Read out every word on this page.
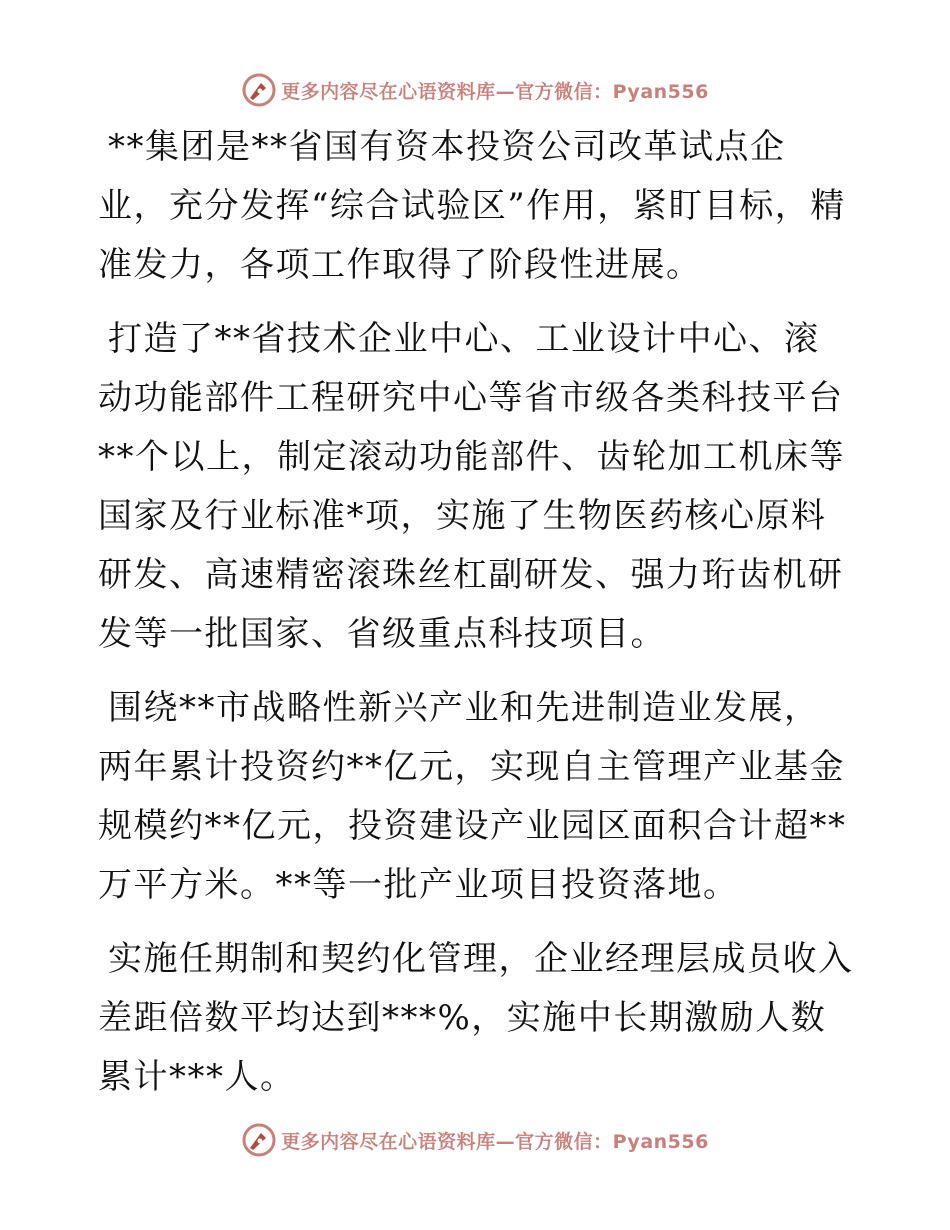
更多内容尽在心语资料库—官方微信：Pyan556

**集团是**省国有资本投资公司改革试点企业，充分发挥“综合试验区”作用，紧盯目标，精准发力，各项工作取得了阶段性进展。

打造了**省技术企业中心、工业设计中心、滚动功能部件工程研究中心等省市级各类科技平台**个以上，制定滚动功能部件、齿轮加工机床等国家及行业标准*项，实施了生物医药核心原料研发、高速精密滚珠丝杠副研发、强力珩齿机研发等一批国家、省级重点科技项目。

围绕**市战略性新兴产业和先进制造业发展，两年累计投资约**亿元，实现自主管理产业基金规模约**亿元，投资建设产业园区面积合计超**万平方米。**等一批产业项目投资落地。

实施任期制和契约化管理，企业经理层成员收入差距倍数平均达到***%，实施中长期激励人数累计***人。

更多内容尽在心语资料库—官方微信：Pyan556
